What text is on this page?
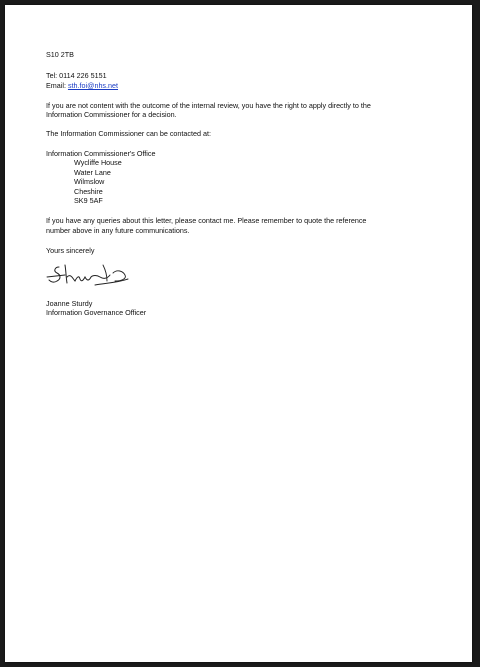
S10 2TB
Tel: 0114 226 5151
Email: sth.foi@nhs.net
If you are not content with the outcome of the internal review, you have the right to apply directly to the
Information Commissioner for a decision.
The Information Commissioner can be contacted at:
Information Commissioner's Office
Wycliffe House
Water Lane
Wilmslow
Cheshire
SK9 5AF
If you have any queries about this letter, please contact me. Please remember to quote the reference
number above in any future communications.
Yours sincerely
Joanne Sturdy
Information Governance Officer
